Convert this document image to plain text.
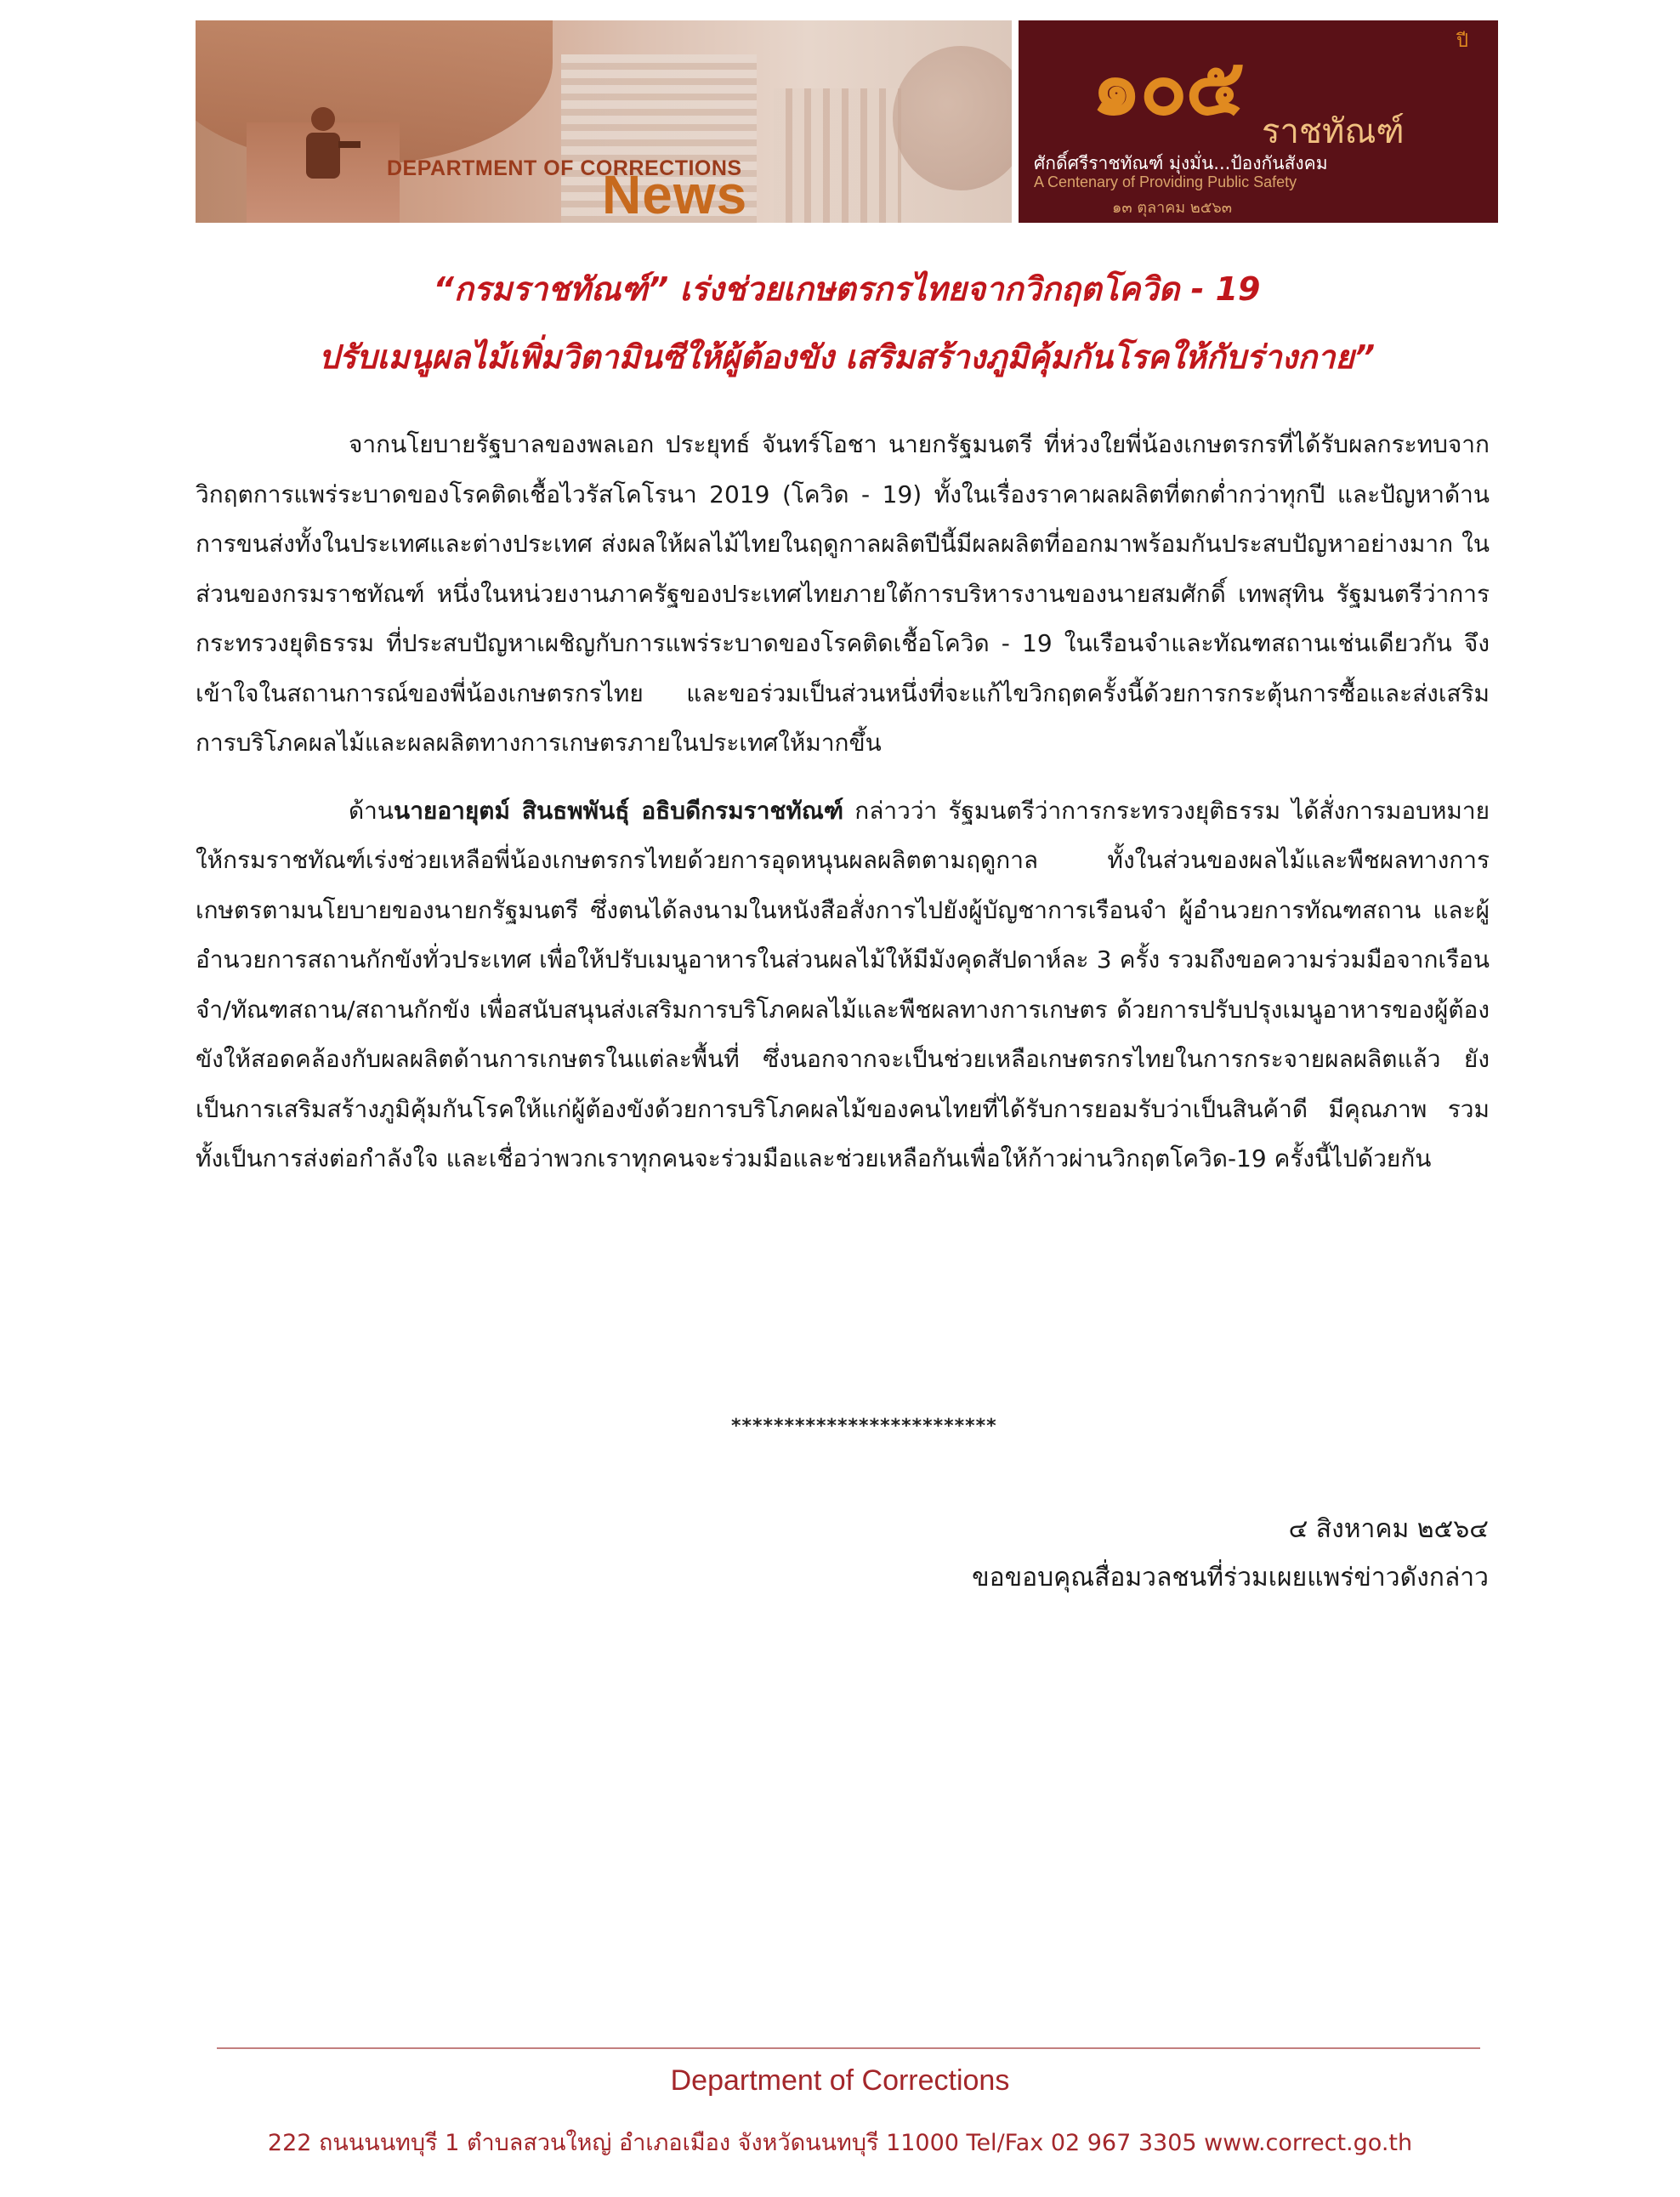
DEPARTMENT OF CORRECTIONS
News
๑๐๕	ปี
ราชทัณฑ์
ศักดิ์ศรีราชทัณฑ์ มุ่งมั่น...ป้องกันสังคม
A Centenary of Providing Public Safety
๑๓ ตุลาคม ๒๕๖๓
“กรมราชทัณฑ์” เร่งช่วยเกษตรกรไทยจากวิกฤตโควิด - 19
ปรับเมนูผลไม้เพิ่มวิตามินซีให้ผู้ต้องขัง เสริมสร้างภูมิคุ้มกันโรคให้กับร่างกาย”

จากนโยบายรัฐบาลของพลเอก ประยุทธ์ จันทร์โอชา นายกรัฐมนตรี ที่ห่วงใยพี่น้องเกษตรกรที่ได้รับผลกระทบจากวิกฤตการแพร่ระบาดของโรคติดเชื้อไวรัสโคโรนา 2019 (โควิด - 19) ทั้งในเรื่องราคาผลผลิตที่ตกต่ำกว่าทุกปี และปัญหาด้านการขนส่งทั้งในประเทศและต่างประเทศ ส่งผลให้ผลไม้ไทยในฤดูกาลผลิตปีนี้มีผลผลิตที่ออกมาพร้อมกันประสบปัญหาอย่างมาก ในส่วนของกรมราชทัณฑ์ หนึ่งในหน่วยงานภาครัฐของประเทศไทยภายใต้การบริหารงานของนายสมศักดิ์ เทพสุทิน รัฐมนตรีว่าการกระทรวงยุติธรรม ที่ประสบปัญหาเผชิญกับการแพร่ระบาดของโรคติดเชื้อโควิด - 19 ในเรือนจำและทัณฑสถานเช่นเดียวกัน จึงเข้าใจในสถานการณ์ของพี่น้องเกษตรกรไทย และขอร่วมเป็นส่วนหนึ่งที่จะแก้ไขวิกฤตครั้งนี้ด้วยการกระตุ้นการซื้อและส่งเสริมการบริโภคผลไม้และผลผลิตทางการเกษตรภายในประเทศให้มากขึ้น

ด้านนายอายุตม์ สินธพพันธุ์ อธิบดีกรมราชทัณฑ์ กล่าวว่า รัฐมนตรีว่าการกระทรวงยุติธรรม ได้สั่งการมอบหมายให้กรมราชทัณฑ์เร่งช่วยเหลือพี่น้องเกษตรกรไทยด้วยการอุดหนุนผลผลิตตามฤดูกาล ทั้งในส่วนของผลไม้และพืชผลทางการเกษตรตามนโยบายของนายกรัฐมนตรี ซึ่งตนได้ลงนามในหนังสือสั่งการไปยังผู้บัญชาการเรือนจำ ผู้อำนวยการทัณฑสถาน และผู้อำนวยการสถานกักขังทั่วประเทศ เพื่อให้ปรับเมนูอาหารในส่วนผลไม้ให้มีมังคุดสัปดาห์ละ 3 ครั้ง รวมถึงขอความร่วมมือจากเรือนจำ/ทัณฑสถาน/สถานกักขัง เพื่อสนับสนุนส่งเสริมการบริโภคผลไม้และพืชผลทางการเกษตร ด้วยการปรับปรุงเมนูอาหารของผู้ต้องขังให้สอดคล้องกับผลผลิตด้านการเกษตรในแต่ละพื้นที่ ซึ่งนอกจากจะเป็นช่วยเหลือเกษตรกรไทยในการกระจายผลผลิตแล้ว ยังเป็นการเสริมสร้างภูมิคุ้มกันโรคให้แก่ผู้ต้องขังด้วยการบริโภคผลไม้ของคนไทยที่ได้รับการยอมรับว่าเป็นสินค้าดี มีคุณภาพ รวมทั้งเป็นการส่งต่อกำลังใจ และเชื่อว่าพวกเราทุกคนจะร่วมมือและช่วยเหลือกันเพื่อให้ก้าวผ่านวิกฤตโควิด-19 ครั้งนี้ไปด้วยกัน

*************************
๔ สิงหาคม ๒๕๖๔
ขอขอบคุณสื่อมวลชนที่ร่วมเผยแพร่ข่าวดังกล่าว
Department of Corrections
222 ถนนนนทบุรี 1 ตำบลสวนใหญ่ อำเภอเมือง จังหวัดนนทบุรี 11000 Tel/Fax 02 967 3305 www.correct.go.th
